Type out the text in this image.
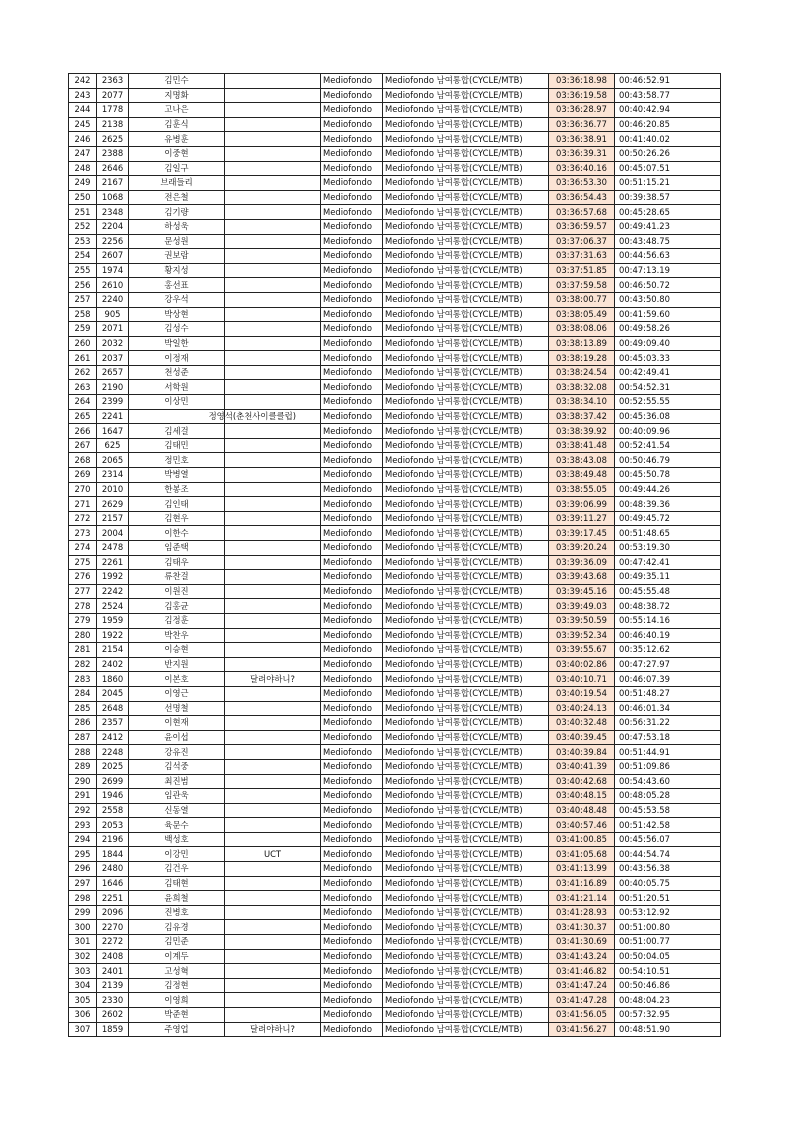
242	2363	김민수		Mediofondo	Mediofondo 남여통합(CYCLE/MTB)	03:36:18.98	00:46:52.91
243	2077	지명화		Mediofondo	Mediofondo 남여통합(CYCLE/MTB)	03:36:19.58	00:43:58.77
244	1778	고나은		Mediofondo	Mediofondo 남여통합(CYCLE/MTB)	03:36:28.97	00:40:42.94
245	2138	김훈식		Mediofondo	Mediofondo 남여통합(CYCLE/MTB)	03:36:36.77	00:46:20.85
246	2625	유병훈		Mediofondo	Mediofondo 남여통합(CYCLE/MTB)	03:36:38.91	00:41:40.02
247	2388	이중현		Mediofondo	Mediofondo 남여통합(CYCLE/MTB)	03:36:39.31	00:50:26.26
248	2646	김일구		Mediofondo	Mediofondo 남여통합(CYCLE/MTB)	03:36:40.16	00:45:07.51
249	2167	브래들리		Mediofondo	Mediofondo 남여통합(CYCLE/MTB)	03:36:53.30	00:51:15.21
250	1068	전은철		Mediofondo	Mediofondo 남여통합(CYCLE/MTB)	03:36:54.43	00:39:38.57
251	2348	김기량		Mediofondo	Mediofondo 남여통합(CYCLE/MTB)	03:36:57.68	00:45:28.65
252	2204	하성욱		Mediofondo	Mediofondo 남여통합(CYCLE/MTB)	03:36:59.57	00:49:41.23
253	2256	문성원		Mediofondo	Mediofondo 남여통합(CYCLE/MTB)	03:37:06.37	00:43:48.75
254	2607	권보람		Mediofondo	Mediofondo 남여통합(CYCLE/MTB)	03:37:31.63	00:44:56.63
255	1974	황지성		Mediofondo	Mediofondo 남여통합(CYCLE/MTB)	03:37:51.85	00:47:13.19
256	2610	홍선표		Mediofondo	Mediofondo 남여통합(CYCLE/MTB)	03:37:59.58	00:46:50.72
257	2240	강우석		Mediofondo	Mediofondo 남여통합(CYCLE/MTB)	03:38:00.77	00:43:50.80
258	905	박상현		Mediofondo	Mediofondo 남여통합(CYCLE/MTB)	03:38:05.49	00:41:59.60
259	2071	김성수		Mediofondo	Mediofondo 남여통합(CYCLE/MTB)	03:38:08.06	00:49:58.26
260	2032	박일한		Mediofondo	Mediofondo 남여통합(CYCLE/MTB)	03:38:13.89	00:49:09.40
261	2037	이정재		Mediofondo	Mediofondo 남여통합(CYCLE/MTB)	03:38:19.28	00:45:03.33
262	2657	천성준		Mediofondo	Mediofondo 남여통합(CYCLE/MTB)	03:38:24.54	00:42:49.41
263	2190	서학원		Mediofondo	Mediofondo 남여통합(CYCLE/MTB)	03:38:32.08	00:54:52.31
264	2399	이상민		Mediofondo	Mediofondo 남여통합(CYCLE/MTB)	03:38:34.10	00:52:55.55
265	2241		정영석(춘천사이클클럽)	Mediofondo	Mediofondo 남여통합(CYCLE/MTB)	03:38:37.42	00:45:36.08
266	1647	김세걸		Mediofondo	Mediofondo 남여통합(CYCLE/MTB)	03:38:39.92	00:40:09.96
267	625	김태민		Mediofondo	Mediofondo 남여통합(CYCLE/MTB)	03:38:41.48	00:52:41.54
268	2065	정민호		Mediofondo	Mediofondo 남여통합(CYCLE/MTB)	03:38:43.08	00:50:46.79
269	2314	박병열		Mediofondo	Mediofondo 남여통합(CYCLE/MTB)	03:38:49.48	00:45:50.78
270	2010	한봉조		Mediofondo	Mediofondo 남여통합(CYCLE/MTB)	03:38:55.05	00:49:44.26
271	2629	김인태		Mediofondo	Mediofondo 남여통합(CYCLE/MTB)	03:39:06.99	00:48:39.36
272	2157	김현우		Mediofondo	Mediofondo 남여통합(CYCLE/MTB)	03:39:11.27	00:49:45.72
273	2004	이한수		Mediofondo	Mediofondo 남여통합(CYCLE/MTB)	03:39:17.45	00:51:48.65
274	2478	임준택		Mediofondo	Mediofondo 남여통합(CYCLE/MTB)	03:39:20.24	00:53:19.30
275	2261	김태우		Mediofondo	Mediofondo 남여통합(CYCLE/MTB)	03:39:36.09	00:47:42.41
276	1992	류찬걸		Mediofondo	Mediofondo 남여통합(CYCLE/MTB)	03:39:43.68	00:49:35.11
277	2242	이원진		Mediofondo	Mediofondo 남여통합(CYCLE/MTB)	03:39:45.16	00:45:55.48
278	2524	김홍균		Mediofondo	Mediofondo 남여통합(CYCLE/MTB)	03:39:49.03	00:48:38.72
279	1959	김정훈		Mediofondo	Mediofondo 남여통합(CYCLE/MTB)	03:39:50.59	00:55:14.16
280	1922	박찬우		Mediofondo	Mediofondo 남여통합(CYCLE/MTB)	03:39:52.34	00:46:40.19
281	2154	이승현		Mediofondo	Mediofondo 남여통합(CYCLE/MTB)	03:39:55.67	00:35:12.62
282	2402	반지원		Mediofondo	Mediofondo 남여통합(CYCLE/MTB)	03:40:02.86	00:47:27.97
283	1860	이본호	달려야하니?	Mediofondo	Mediofondo 남여통합(CYCLE/MTB)	03:40:10.71	00:46:07.39
284	2045	이영근		Mediofondo	Mediofondo 남여통합(CYCLE/MTB)	03:40:19.54	00:51:48.27
285	2648	선명철		Mediofondo	Mediofondo 남여통합(CYCLE/MTB)	03:40:24.13	00:46:01.34
286	2357	이현재		Mediofondo	Mediofondo 남여통합(CYCLE/MTB)	03:40:32.48	00:56:31.22
287	2412	윤이섭		Mediofondo	Mediofondo 남여통합(CYCLE/MTB)	03:40:39.45	00:47:53.18
288	2248	강유진		Mediofondo	Mediofondo 남여통합(CYCLE/MTB)	03:40:39.84	00:51:44.91
289	2025	김석중		Mediofondo	Mediofondo 남여통합(CYCLE/MTB)	03:40:41.39	00:51:09.86
290	2699	최진범		Mediofondo	Mediofondo 남여통합(CYCLE/MTB)	03:40:42.68	00:54:43.60
291	1946	임관욱		Mediofondo	Mediofondo 남여통합(CYCLE/MTB)	03:40:48.15	00:48:05.28
292	2558	신동열		Mediofondo	Mediofondo 남여통합(CYCLE/MTB)	03:40:48.48	00:45:53.58
293	2053	육문수		Mediofondo	Mediofondo 남여통합(CYCLE/MTB)	03:40:57.46	00:51:42.58
294	2196	백성호		Mediofondo	Mediofondo 남여통합(CYCLE/MTB)	03:41:00.85	00:45:56.07
295	1844	이강민	UCT	Mediofondo	Mediofondo 남여통합(CYCLE/MTB)	03:41:05.68	00:44:54.74
296	2480	김건우		Mediofondo	Mediofondo 남여통합(CYCLE/MTB)	03:41:13.99	00:43:56.38
297	1646	김태현		Mediofondo	Mediofondo 남여통합(CYCLE/MTB)	03:41:16.89	00:40:05.75
298	2251	윤희철		Mediofondo	Mediofondo 남여통합(CYCLE/MTB)	03:41:21.14	00:51:20.51
299	2096	진병호		Mediofondo	Mediofondo 남여통합(CYCLE/MTB)	03:41:28.93	00:53:12.92
300	2270	김유경		Mediofondo	Mediofondo 남여통합(CYCLE/MTB)	03:41:30.37	00:51:00.80
301	2272	김민준		Mediofondo	Mediofondo 남여통합(CYCLE/MTB)	03:41:30.69	00:51:00.77
302	2408	이계두		Mediofondo	Mediofondo 남여통합(CYCLE/MTB)	03:41:43.24	00:50:04.05
303	2401	고성혁		Mediofondo	Mediofondo 남여통합(CYCLE/MTB)	03:41:46.82	00:54:10.51
304	2139	김정현		Mediofondo	Mediofondo 남여통합(CYCLE/MTB)	03:41:47.24	00:50:46.86
305	2330	이영희		Mediofondo	Mediofondo 남여통합(CYCLE/MTB)	03:41:47.28	00:48:04.23
306	2602	박준현		Mediofondo	Mediofondo 남여통합(CYCLE/MTB)	03:41:56.05	00:57:32.95
307	1859	주영업	달려야하니?	Mediofondo	Mediofondo 남여통합(CYCLE/MTB)	03:41:56.27	00:48:51.90
